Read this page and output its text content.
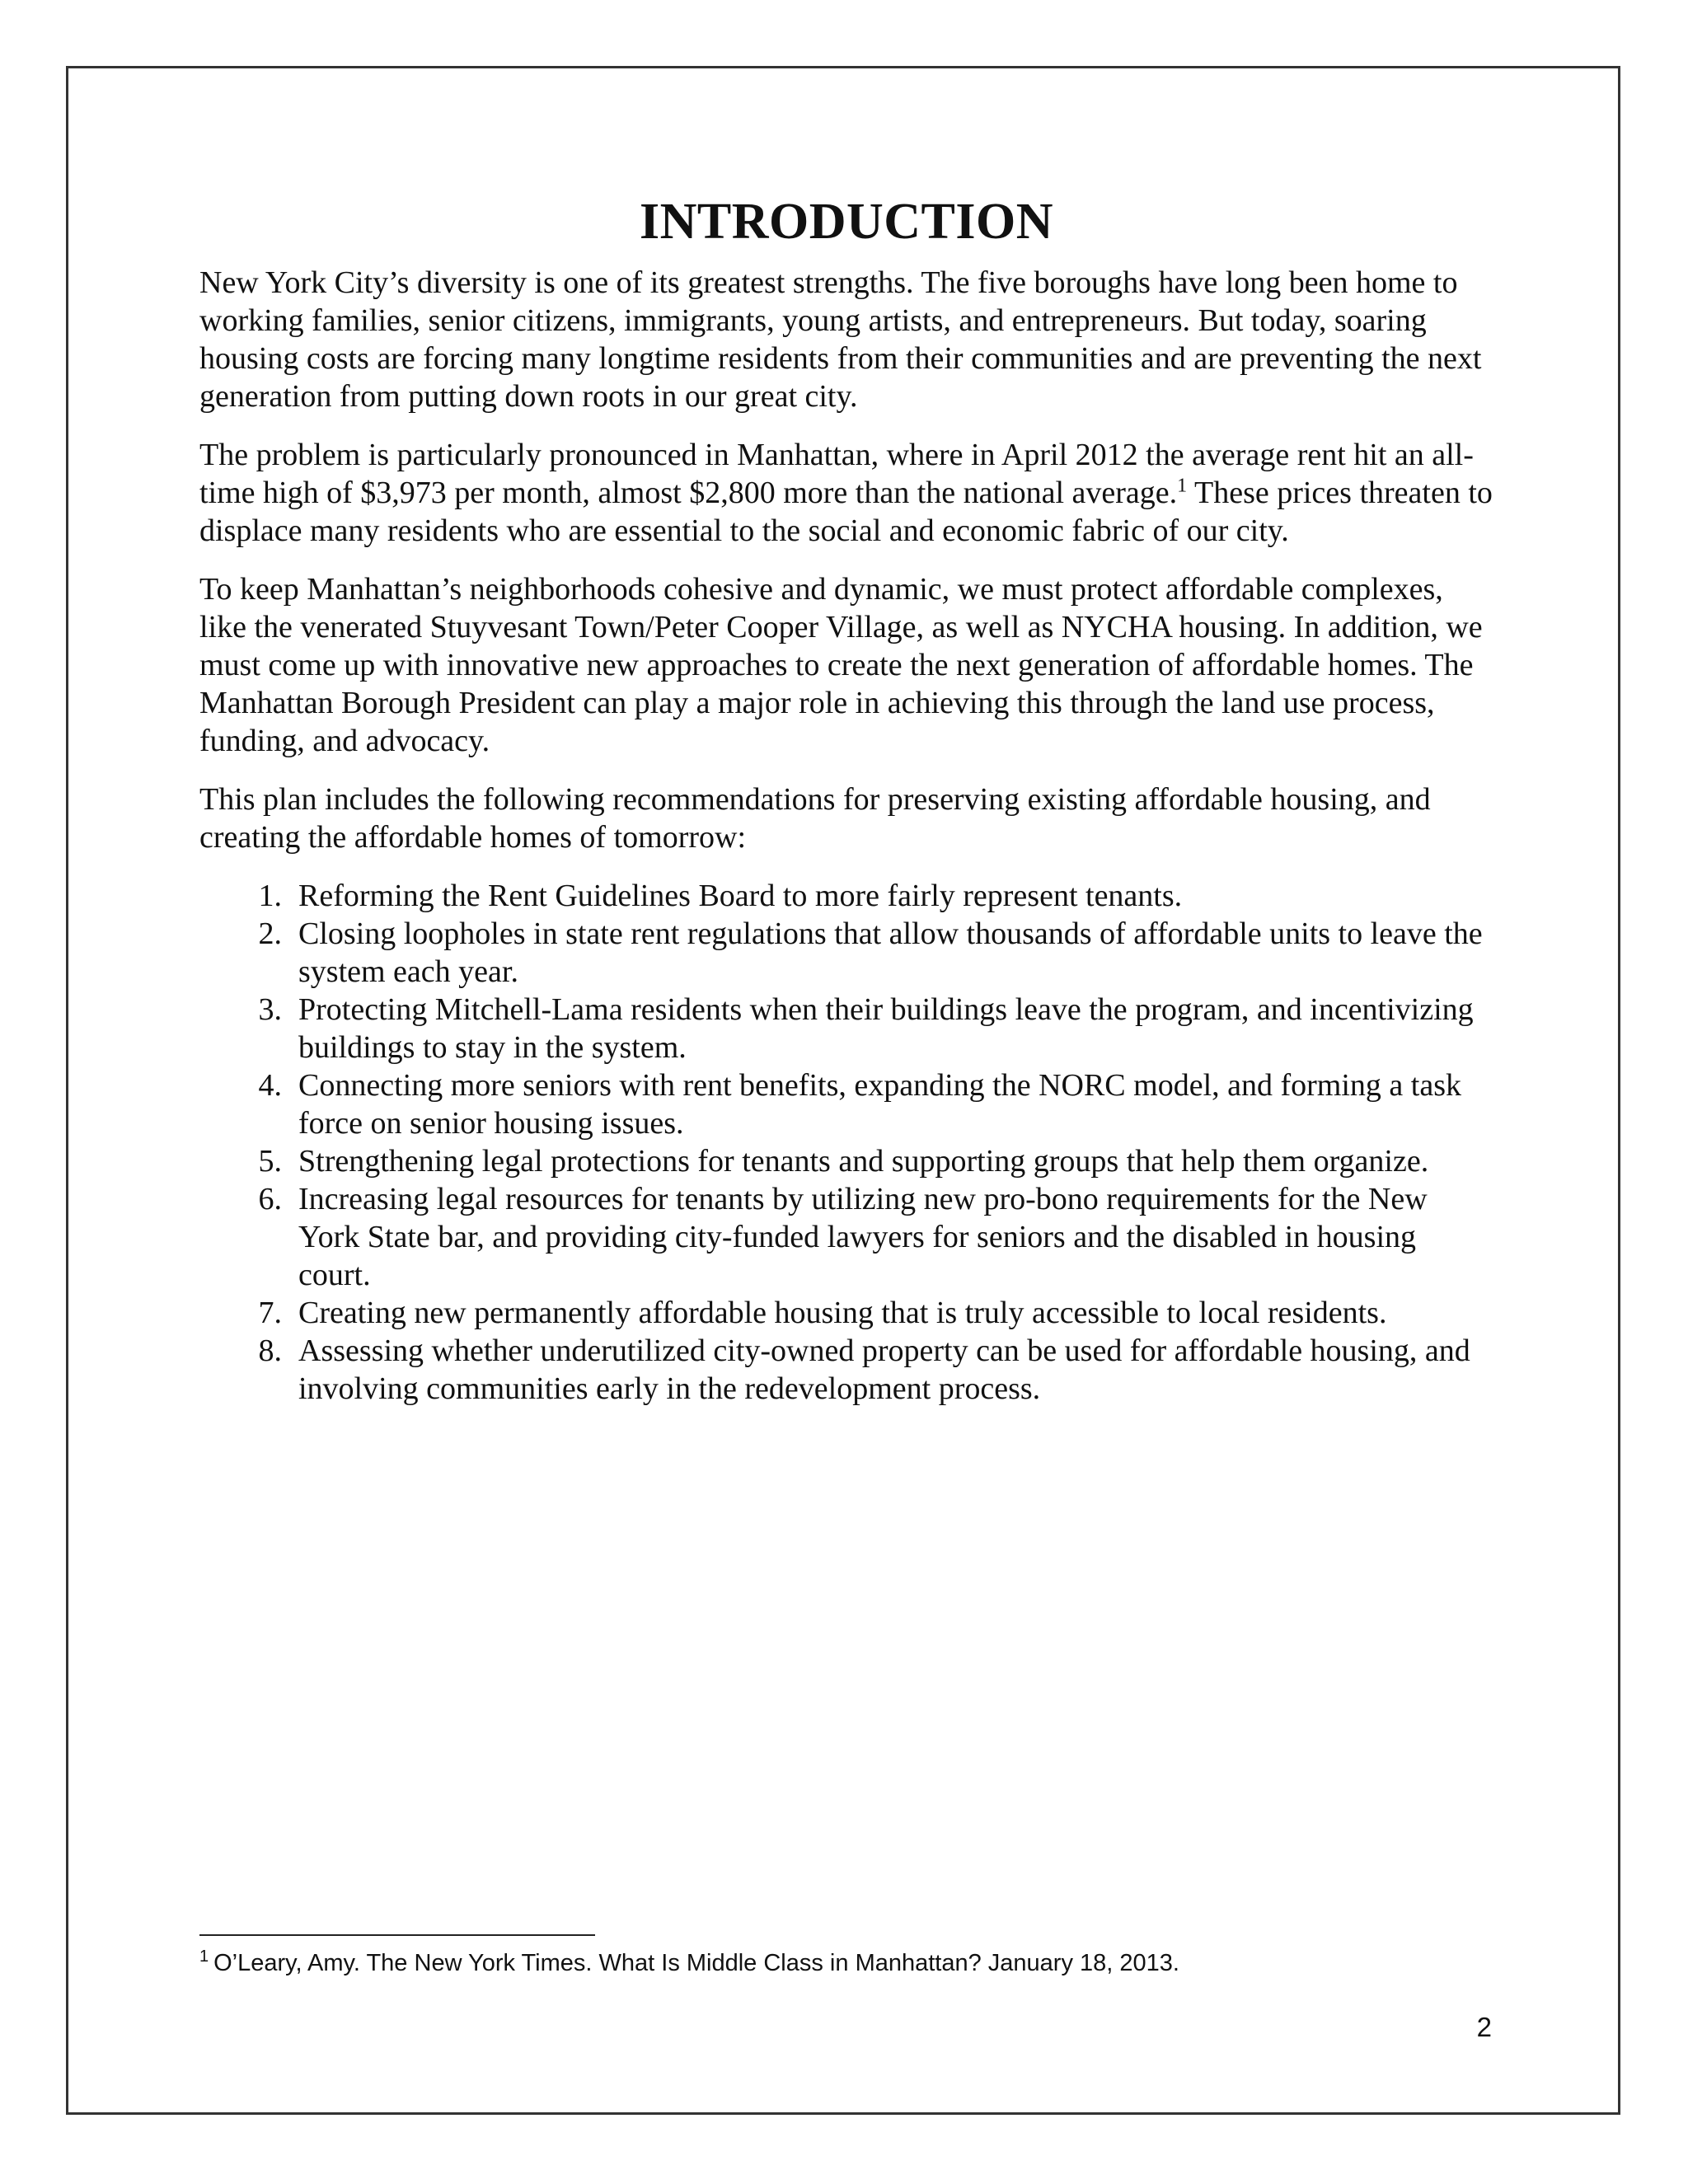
INTRODUCTION

New York City’s diversity is one of its greatest strengths. The five boroughs have long been home to working families, senior citizens, immigrants, young artists, and entrepreneurs. But today, soaring housing costs are forcing many longtime residents from their communities and are preventing the next generation from putting down roots in our great city.

The problem is particularly pronounced in Manhattan, where in April 2012 the average rent hit an all-time high of $3,973 per month, almost $2,800 more than the national average.$^1$ These prices threaten to displace many residents who are essential to the social and economic fabric of our city.

To keep Manhattan’s neighborhoods cohesive and dynamic, we must protect affordable complexes, like the venerated Stuyvesant Town/Peter Cooper Village, as well as NYCHA housing. In addition, we must come up with innovative new approaches to create the next generation of affordable homes. The Manhattan Borough President can play a major role in achieving this through the land use process, funding, and advocacy.

This plan includes the following recommendations for preserving existing affordable housing, and creating the affordable homes of tomorrow:

1. Reforming the Rent Guidelines Board to more fairly represent tenants.
2. Closing loopholes in state rent regulations that allow thousands of affordable units to leave the system each year.
3. Protecting Mitchell-Lama residents when their buildings leave the program, and incentivizing buildings to stay in the system.
4. Connecting more seniors with rent benefits, expanding the NORC model, and forming a task force on senior housing issues.
5. Strengthening legal protections for tenants and supporting groups that help them organize.
6. Increasing legal resources for tenants by utilizing new pro-bono requirements for the New York State bar, and providing city-funded lawyers for seniors and the disabled in housing court.
7. Creating new permanently affordable housing that is truly accessible to local residents.
8. Assessing whether underutilized city-owned property can be used for affordable housing, and involving communities early in the redevelopment process.
$^1$ O’Leary, Amy. The New York Times. What Is Middle Class in Manhattan? January 18, 2013.
2
